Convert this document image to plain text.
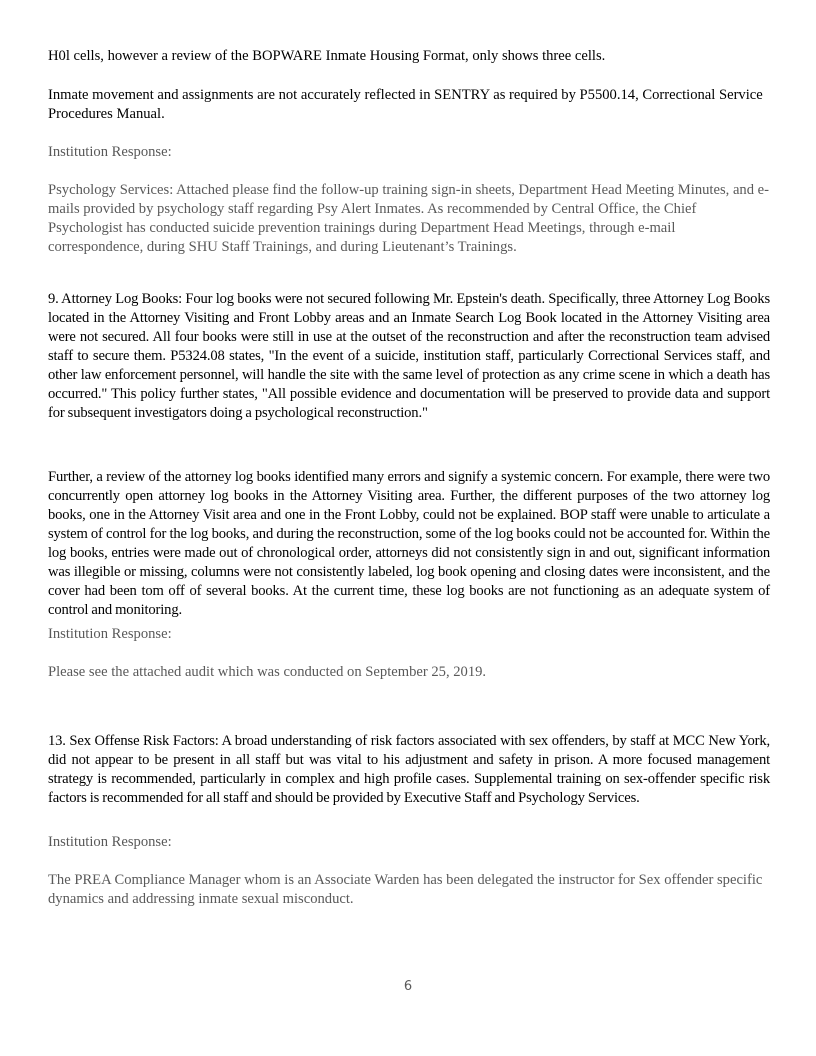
H0l cells, however a review of the BOPWARE Inmate Housing Format, only shows three cells.

Inmate movement and assignments are not accurately reflected in SENTRY as required by P5500.14, Correctional Service Procedures Manual.

Institution Response:

Psychology Services: Attached please find the follow-up training sign-in sheets, Department Head Meeting Minutes, and e-mails provided by psychology staff regarding Psy Alert Inmates. As recommended by Central Office, the Chief Psychologist has conducted suicide prevention trainings during Department Head Meetings, through e-mail correspondence, during SHU Staff Trainings, and during Lieutenant’s Trainings.

9. Attorney Log Books: Four log books were not secured following Mr. Epstein's death. Specifically, three Attorney Log Books located in the Attorney Visiting and Front Lobby areas and an Inmate Search Log Book located in the Attorney Visiting area were not secured. All four books were still in use at the outset of the reconstruction and after the reconstruction team advised staff to secure them. P5324.08 states, "In the event of a suicide, institution staff, particularly Correctional Services staff, and other law enforcement personnel, will handle the site with the same level of protection as any crime scene in which a death has occurred." This policy further states, "All possible evidence and documentation will be preserved to provide data and support for subsequent investigators doing a psychological reconstruction."

Further, a review of the attorney log books identified many errors and signify a systemic concern. For example, there were two concurrently open attorney log books in the Attorney Visiting area. Further, the different purposes of the two attorney log books, one in the Attorney Visit area and one in the Front Lobby, could not be explained. BOP staff were unable to articulate a system of control for the log books, and during the reconstruction, some of the log books could not be accounted for. Within the log books, entries were made out of chronological order, attorneys did not consistently sign in and out, significant information was illegible or missing, columns were not consistently labeled, log book opening and closing dates were inconsistent, and the cover had been tom off of several books. At the current time, these log books are not functioning as an adequate system of control and monitoring.

Institution Response:

Please see the attached audit which was conducted on September 25, 2019.

13. Sex Offense Risk Factors: A broad understanding of risk factors associated with sex offenders, by staff at MCC New York, did not appear to be present in all staff but was vital to his adjustment and safety in prison. A more focused management strategy is recommended, particularly in complex and high profile cases. Supplemental training on sex-offender specific risk factors is recommended for all staff and should be provided by Executive Staff and Psychology Services.

Institution Response:

The PREA Compliance Manager whom is an Associate Warden has been delegated the instructor for Sex offender specific dynamics and addressing inmate sexual misconduct.

6
